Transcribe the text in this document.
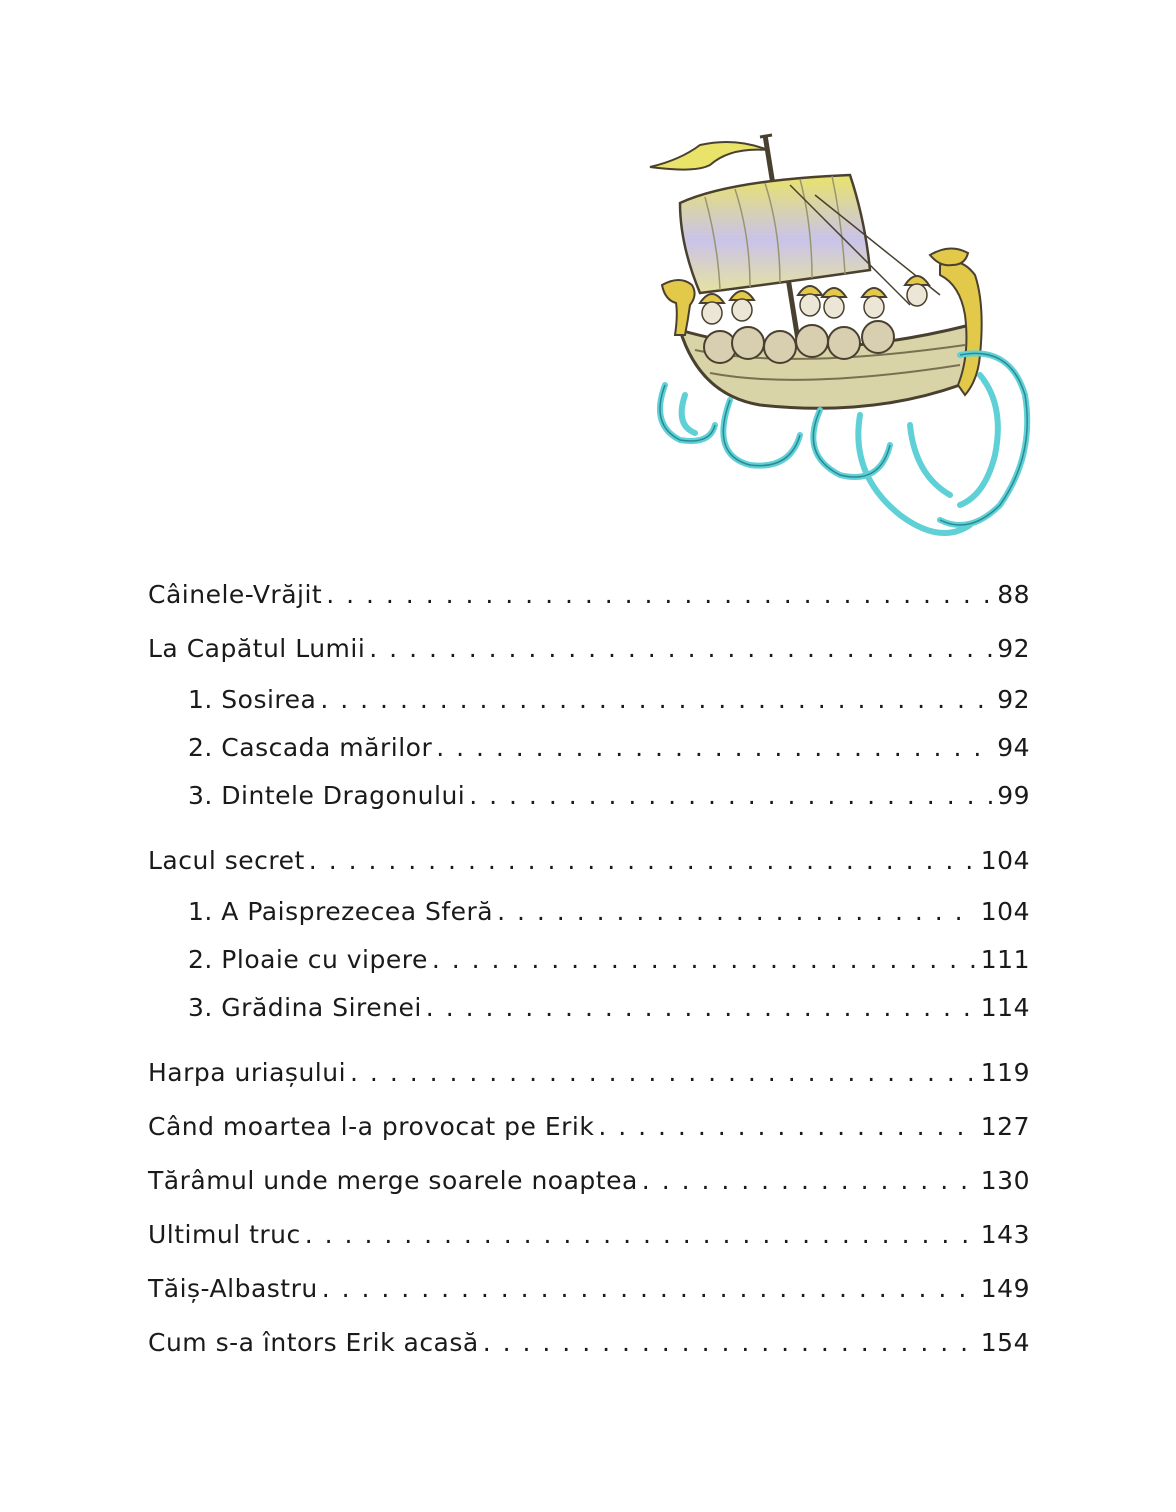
Câinele-Vrăjit . . .	88
La Capătul Lumii . . .	92
1. Sosirea . . .	92
2. Cascada mărilor . . .	94
3. Dintele Dragonului . . .	99
Lacul secret . . .	104
1. A Paisprezecea Sferă . . .	104
2. Ploaie cu vipere . . .	111
3. Grădina Sirenei . . .	114
Harpa uriașului . . .	119
Când moartea l-a provocat pe Erik . . .	127
Tărâmul unde merge soarele noaptea . . .	130
Ultimul truc . . .	143
Tăiș-Albastru . . .	149
Cum s-a întors Erik acasă . . .	154
